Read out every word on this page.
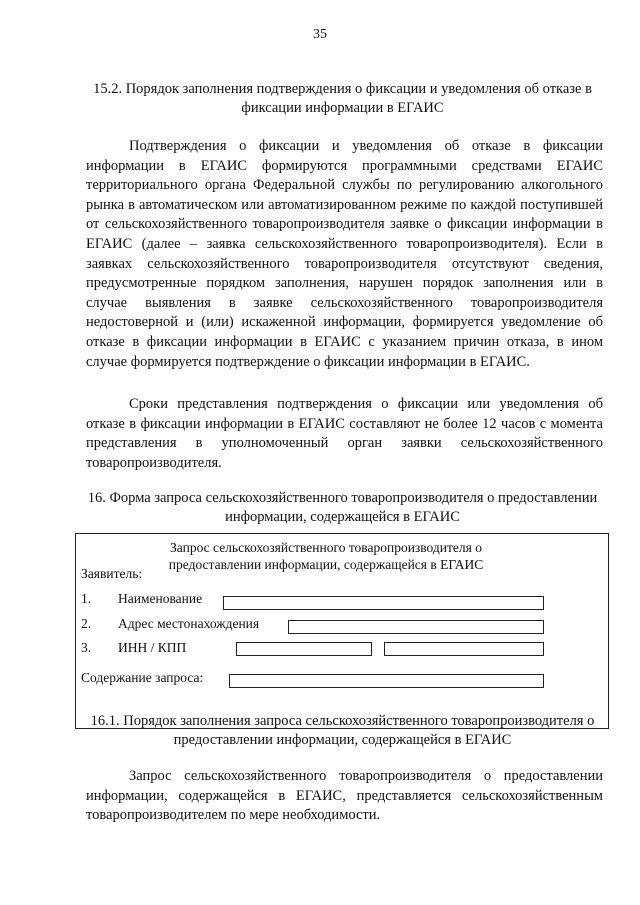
35
15.2. Порядок заполнения подтверждения о фиксации и уведомления об отказе в фиксации информации в ЕГАИС
Подтверждения о фиксации и уведомления об отказе в фиксации информации в ЕГАИС формируются программными средствами ЕГАИС территориального органа Федеральной службы по регулированию алкогольного рынка в автоматическом или автоматизированном режиме по каждой поступившей от сельскохозяйственного товаропроизводителя заявке о фиксации информации в ЕГАИС (далее – заявка сельскохозяйственного товаропроизводителя). Если в заявках сельскохозяйственного товаропроизводителя отсутствуют сведения, предусмотренные порядком заполнения, нарушен порядок заполнения или в случае выявления в заявке сельскохозяйственного товаропроизводителя недостоверной и (или) искаженной информации, формируется уведомление об отказе в фиксации информации в ЕГАИС с указанием причин отказа, в ином случае формируется подтверждение о фиксации информации в ЕГАИС.
Сроки представления подтверждения о фиксации или уведомления об отказе в фиксации информации в ЕГАИС составляют не более 12 часов с момента представления в уполномоченный орган заявки сельскохозяйственного товаропроизводителя.
16. Форма запроса сельскохозяйственного товаропроизводителя о предоставлении информации, содержащейся в ЕГАИС
Запрос сельскохозяйственного товаропроизводителя о предоставлении информации, содержащейся в ЕГАИС
Заявитель:
1. Наименование
2. Адрес местонахождения
3. ИНН / КПП
Содержание запроса:
16.1. Порядок заполнения запроса сельскохозяйственного товаропроизводителя о предоставлении информации, содержащейся в ЕГАИС
Запрос сельскохозяйственного товаропроизводителя о предоставлении информации, содержащейся в ЕГАИС, представляется сельскохозяйственным товаропроизводителем по мере необходимости.
